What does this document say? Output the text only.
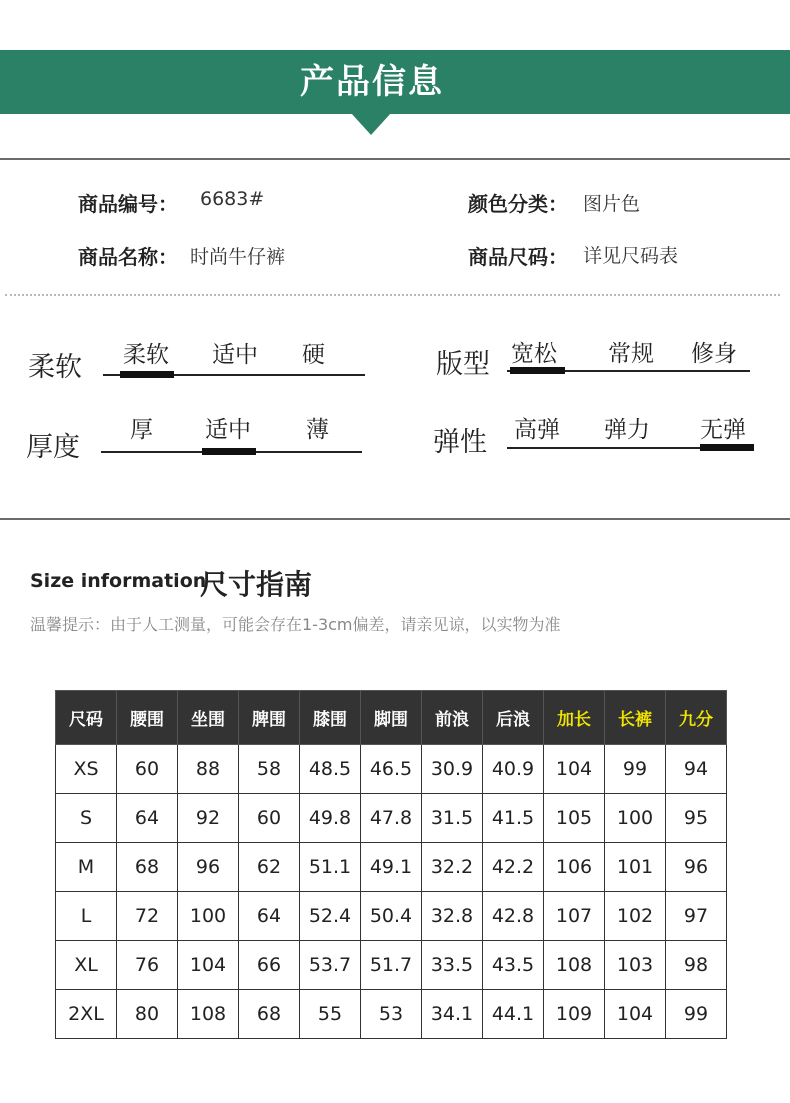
产品信息
商品编号： 6683#	颜色分类： 图片色
商品名称： 时尚牛仔裤	商品尺码： 详见尺码表
柔软 柔软 适中 硬	版型 宽松 常规 修身
厚度
厚 适中 薄	弹性 高弹 弹力 无弹
Size information
尺寸指南
温馨提示：由于人工测量，可能会存在1-3cm偏差，请亲见谅，以实物为准
尺码	腰围	坐围	脾围	膝围	脚围	前浪	后浪	加长	长裤	九分
XS	60	88	58	48.5	46.5	30.9	40.9	104	99	94
S	64	92	60	49.8	47.8	31.5	41.5	105	100	95
M	68	96	62	51.1	49.1	32.2	42.2	106	101	96
L	72	100	64	52.4	50.4	32.8	42.8	107	102	97
XL	76	104	66	53.7	51.7	33.5	43.5	108	103	98
2XL	80	108	68	55	53	34.1	44.1	109	104	99
